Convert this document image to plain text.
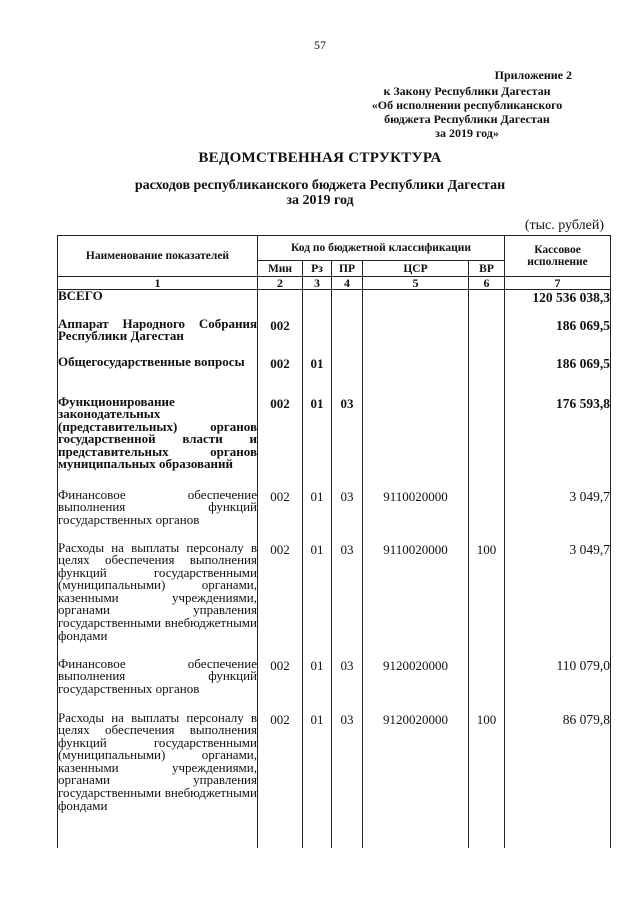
57
Приложение 2
к Закону Республики Дагестан
«Об исполнении республиканского
бюджета Республики Дагестан
за 2019 год»
ВЕДОМСТВЕННАЯ СТРУКТУРА
расходов республиканского бюджета Республики Дагестан
за 2019 год
(тыс. рублей)
Наименование показателей	Код по бюджетной классификации					Кассовое исполнение
	Мин	Рз	ПР	ЦСР	ВР	
1	2	3	4	5	6	7
ВСЕГО						120 536 038,3
Аппарат Народного Собрания Республики Дагестан	002					186 069,5
Общегосударственные вопросы	002	01				186 069,5
Функционирование законодательных (представительных) органов государственной власти и представительных органов муниципальных образований	002	01	03			176 593,8
Финансовое обеспечение выполнения функций государственных органов	002	01	03	9110020000		3 049,7
Расходы на выплаты персоналу в целях обеспечения выполнения функций государственными (муниципальными) органами, казенными учреждениями, органами управления государственными внебюджетными фондами	002	01	03	9110020000	100	3 049,7
Финансовое обеспечение выполнения функций государственных органов	002	01	03	9120020000		110 079,0
Расходы на выплаты персоналу в целях обеспечения выполнения функций государственными (муниципальными) органами, казенными учреждениями, органами управления государственными внебюджетными фондами	002	01	03	9120020000	100	86 079,8
